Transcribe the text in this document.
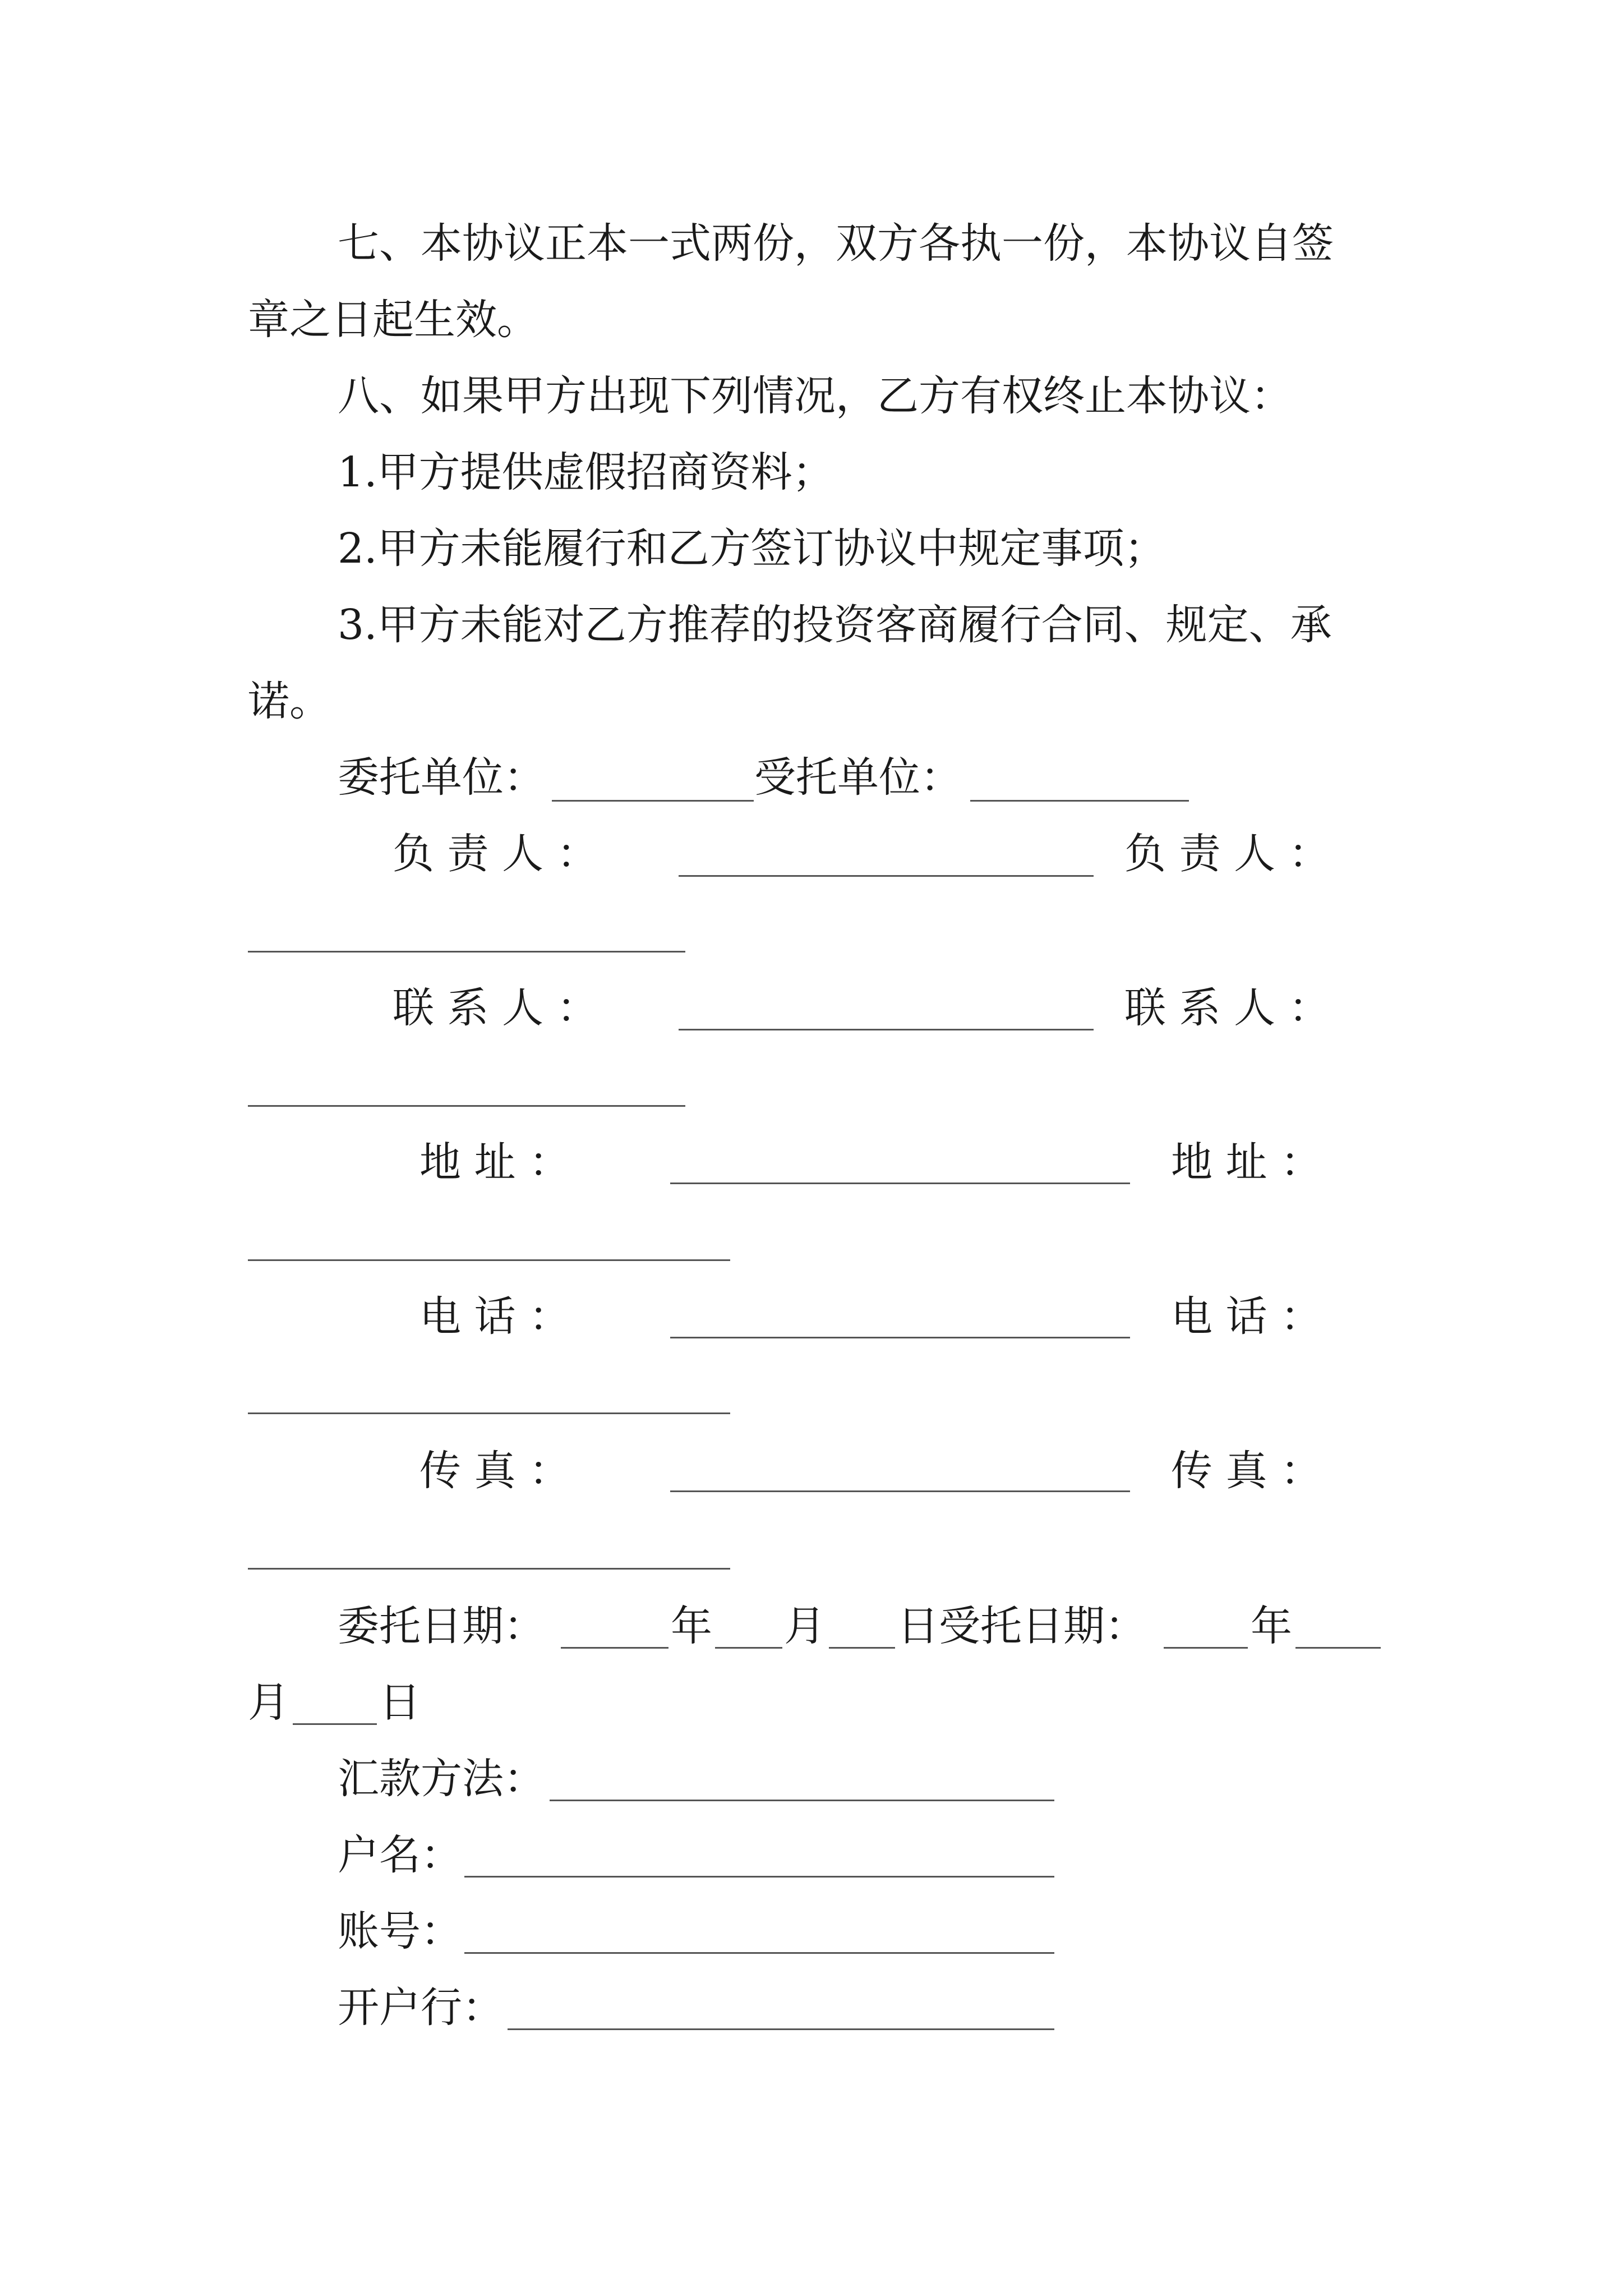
七、本协议正本一式两份，双方各执一份，本协议自签
章之日起生效。
八、如果甲方出现下列情况，乙方有权终止本协议：
1.甲方提供虚假招商资料；
2.甲方未能履行和乙方签订协议中规定事项；
3.甲方未能对乙方推荐的投资客商履行合同、规定、承
诺。
委托单位：	受托单位：
负 责 人 ：	负 责 人 ：
联 系 人 ：	联 系 人 ：
地 址 ：	地 址 ：
电 话 ：	电 话 ：
传 真 ：	传 真 ：
委托日期：	年 月 日受托日期：	年
月 日
汇款方法：
户名：
账号：
开户行：
